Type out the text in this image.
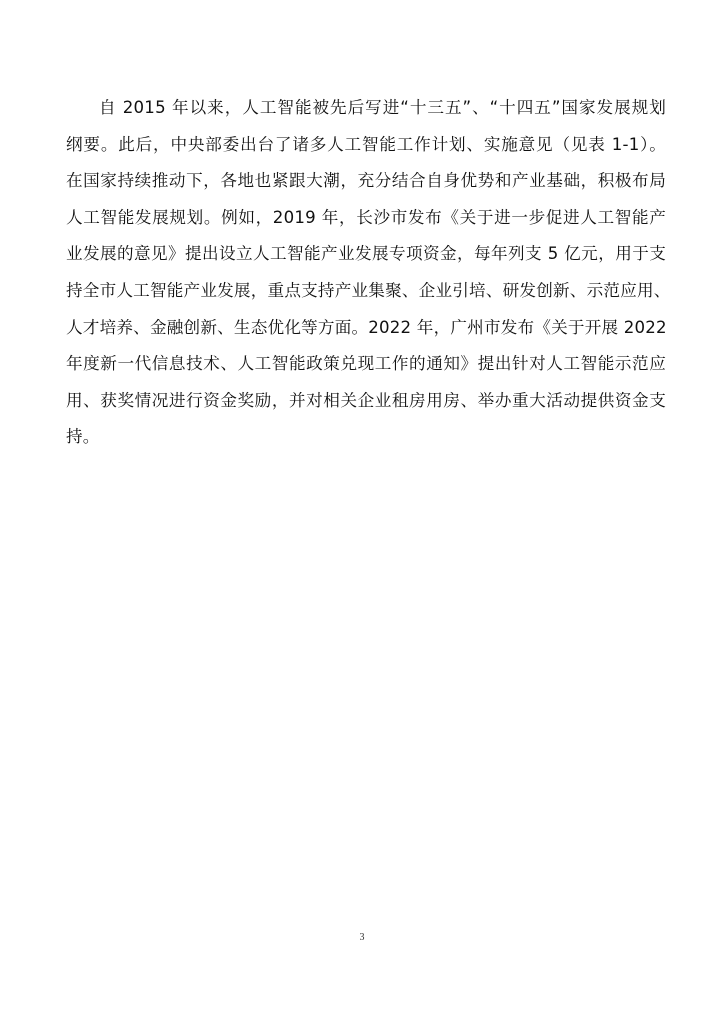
自 2015 年以来，人工智能被先后写进“十三五”、“十四五”国家发展规划
纲要。此后，中央部委出台了诸多人工智能工作计划、实施意见（见表 1-1）。
在国家持续推动下，各地也紧跟大潮，充分结合自身优势和产业基础，积极布局
人工智能发展规划。例如，2019 年，长沙市发布《关于进一步促进人工智能产
业发展的意见》提出设立人工智能产业发展专项资金，每年列支 5 亿元，用于支
持全市人工智能产业发展，重点支持产业集聚、企业引培、研发创新、示范应用、
人才培养、金融创新、生态优化等方面。2022 年，广州市发布《关于开展 2022
年度新一代信息技术、人工智能政策兑现工作的通知》提出针对人工智能示范应
用、获奖情况进行资金奖励，并对相关企业租房用房、举办重大活动提供资金支
持。
3
